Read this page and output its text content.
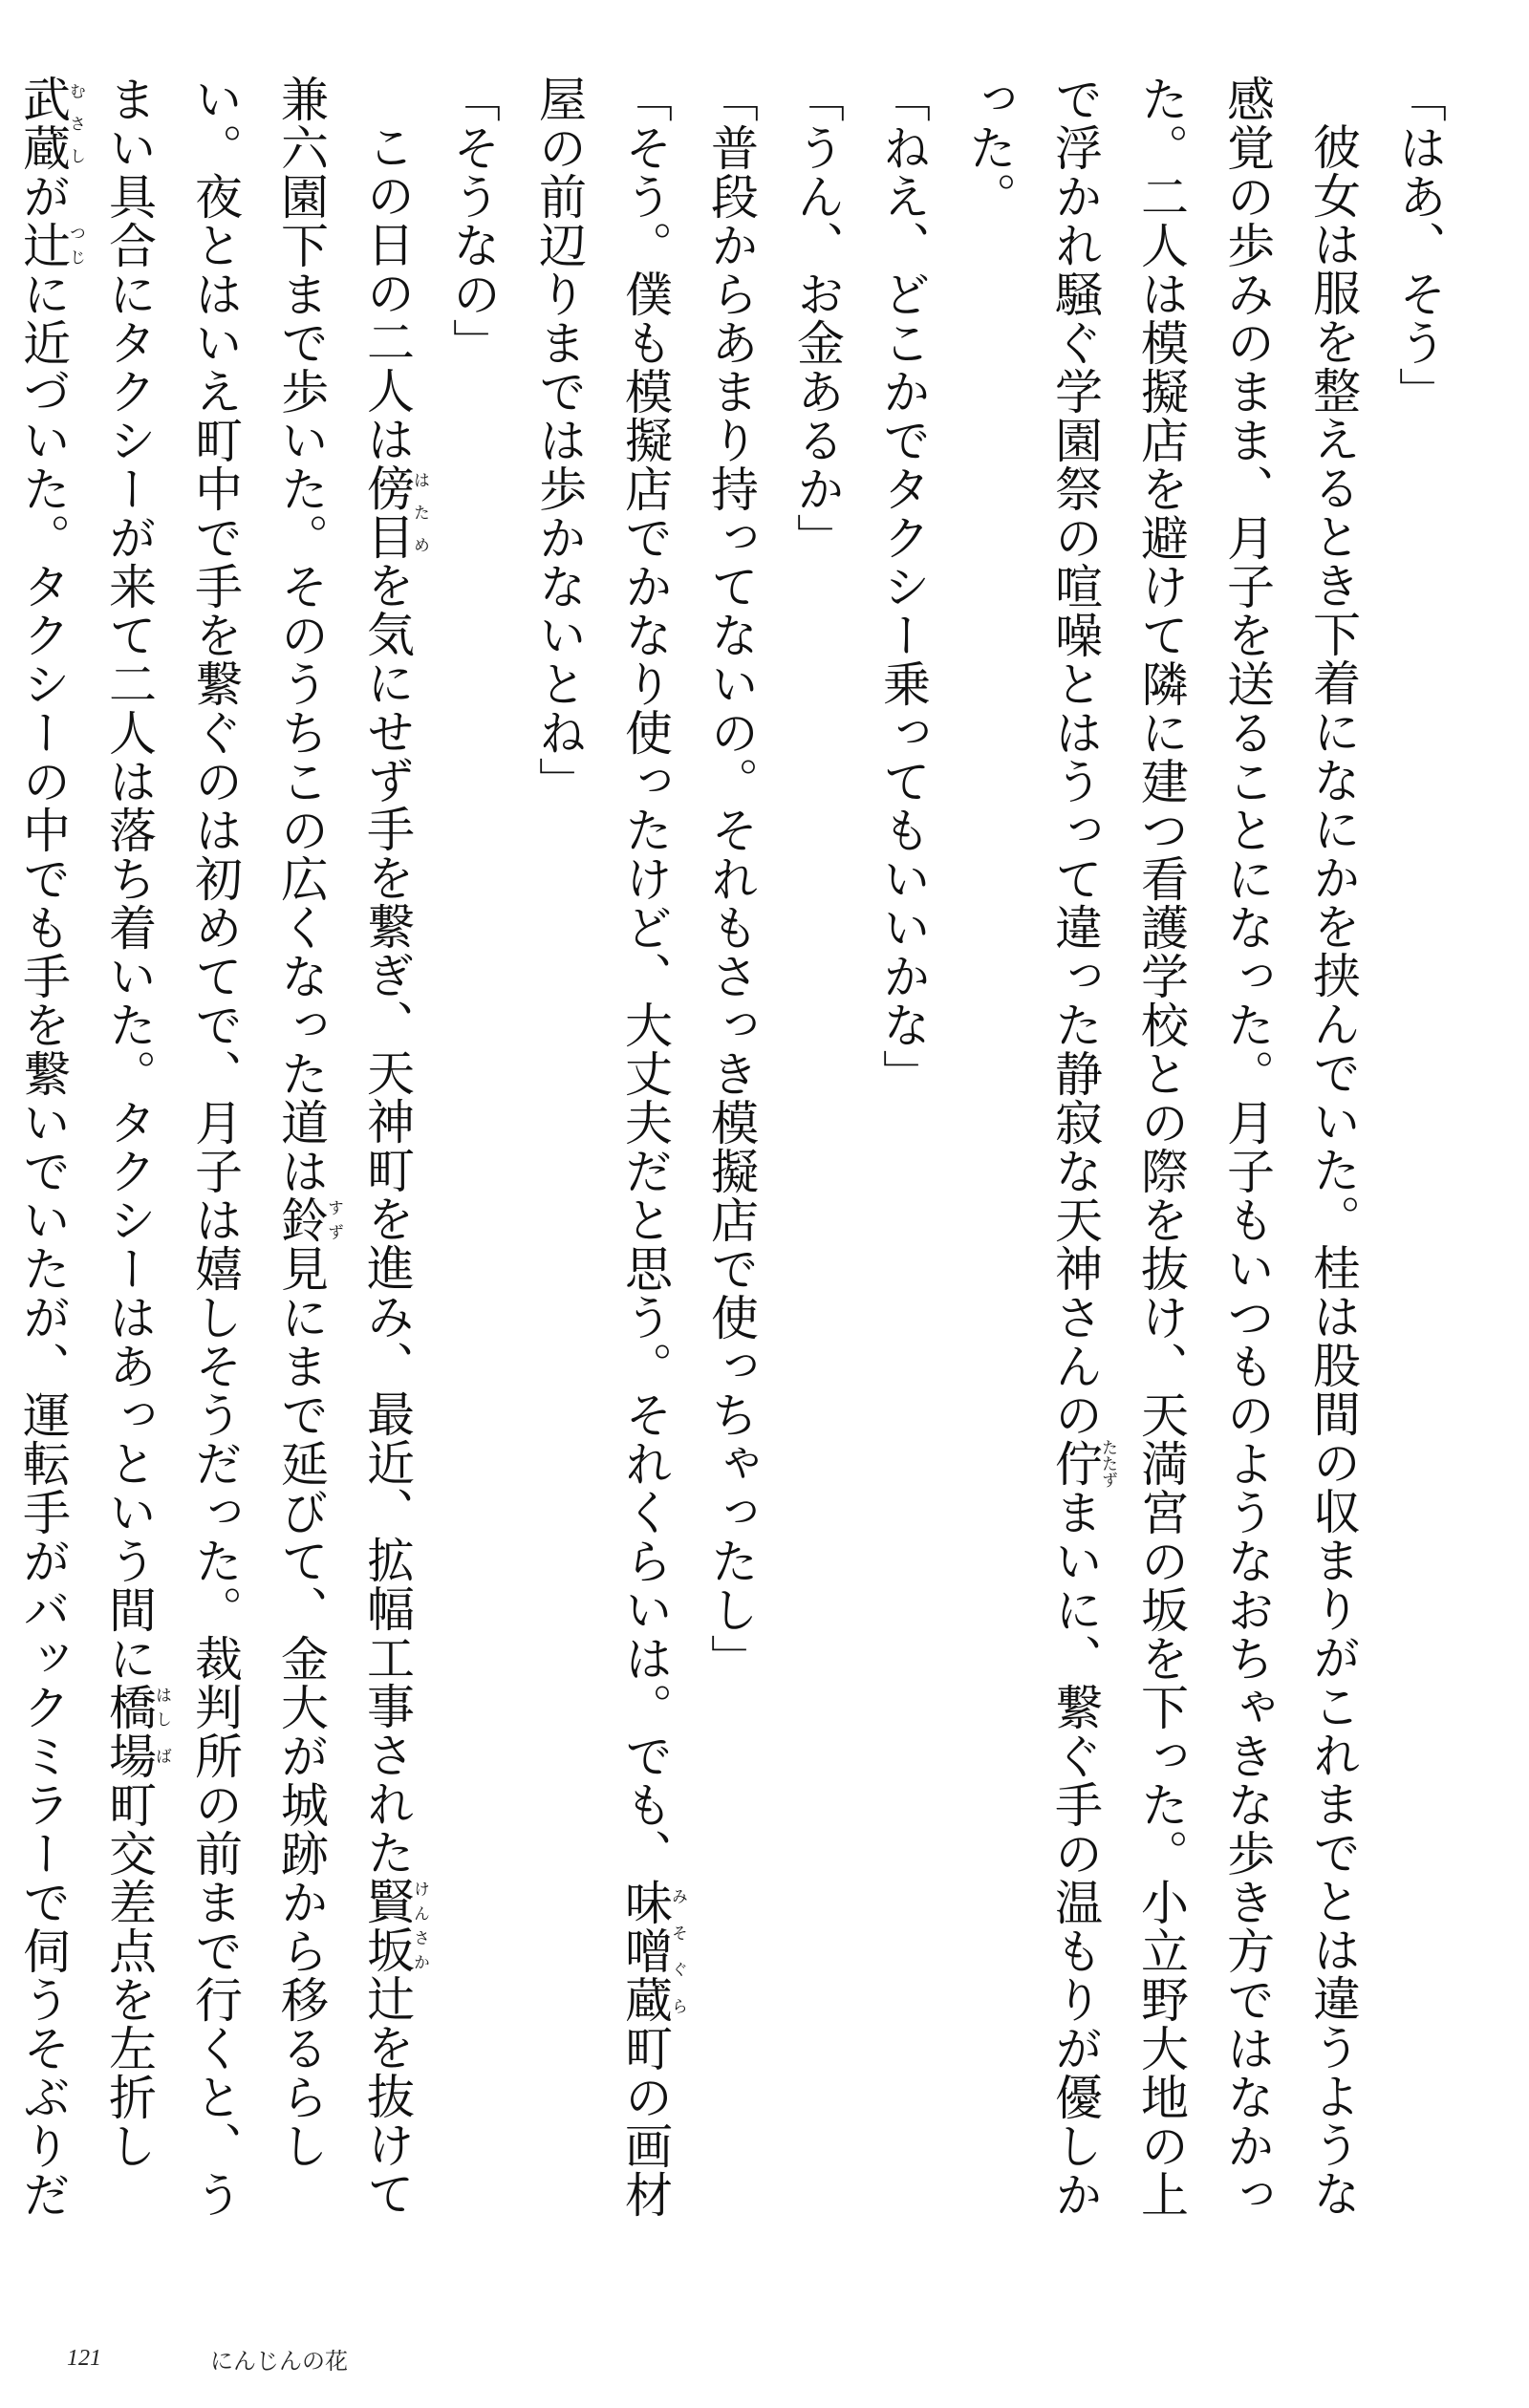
「はあ、そう」

彼女は服を整えるとき下着になにかを挟んでいた。桂は股間の収まりがこれまでとは違うような感覚の歩みのまま、月子を送ることになった。月子もいつものようなおちゃきな歩き方ではなかった。二人は模擬店を避けて隣に建つ看護学校との際を抜け、天満宮の坂を下った。小立野大地の上で浮かれ騒ぐ学園祭の喧噪とはうって違った静寂な天神さんの佇たたずまいに、繋ぐ手の温もりが優しかった。

「ねえ、どこかでタクシー乗ってもいいかな」

「うん、お金あるか」

「普段からあまり持ってないの。それもさっき模擬店で使っちゃったし」

「そう。僕も模擬店でかなり使ったけど、大丈夫だと思う。それくらいは。でも、味噌蔵みそぐら町の画材屋の前辺りまでは歩かないとね」

「そうなの」

この日の二人は傍目はためを気にせず手を繋ぎ、天神町を進み、最近、拡幅工事された賢坂けんさか辻を抜けて兼六園下まで歩いた。そのうちこの広くなった道は鈴すず見にまで延びて、金大が城跡から移るらしい。夜とはいえ町中で手を繋ぐのは初めてで、月子は嬉しそうだった。裁判所の前まで行くと、うまい具合にタクシーが来て二人は落ち着いた。タクシーはあっという間に橋はし場ば町交差点を左折し武蔵むさしが辻つじに近づいた。タクシーの中でも手を繋いでいたが、運転手がバックミラーで伺うそぶりだ

121	にんじんの花
